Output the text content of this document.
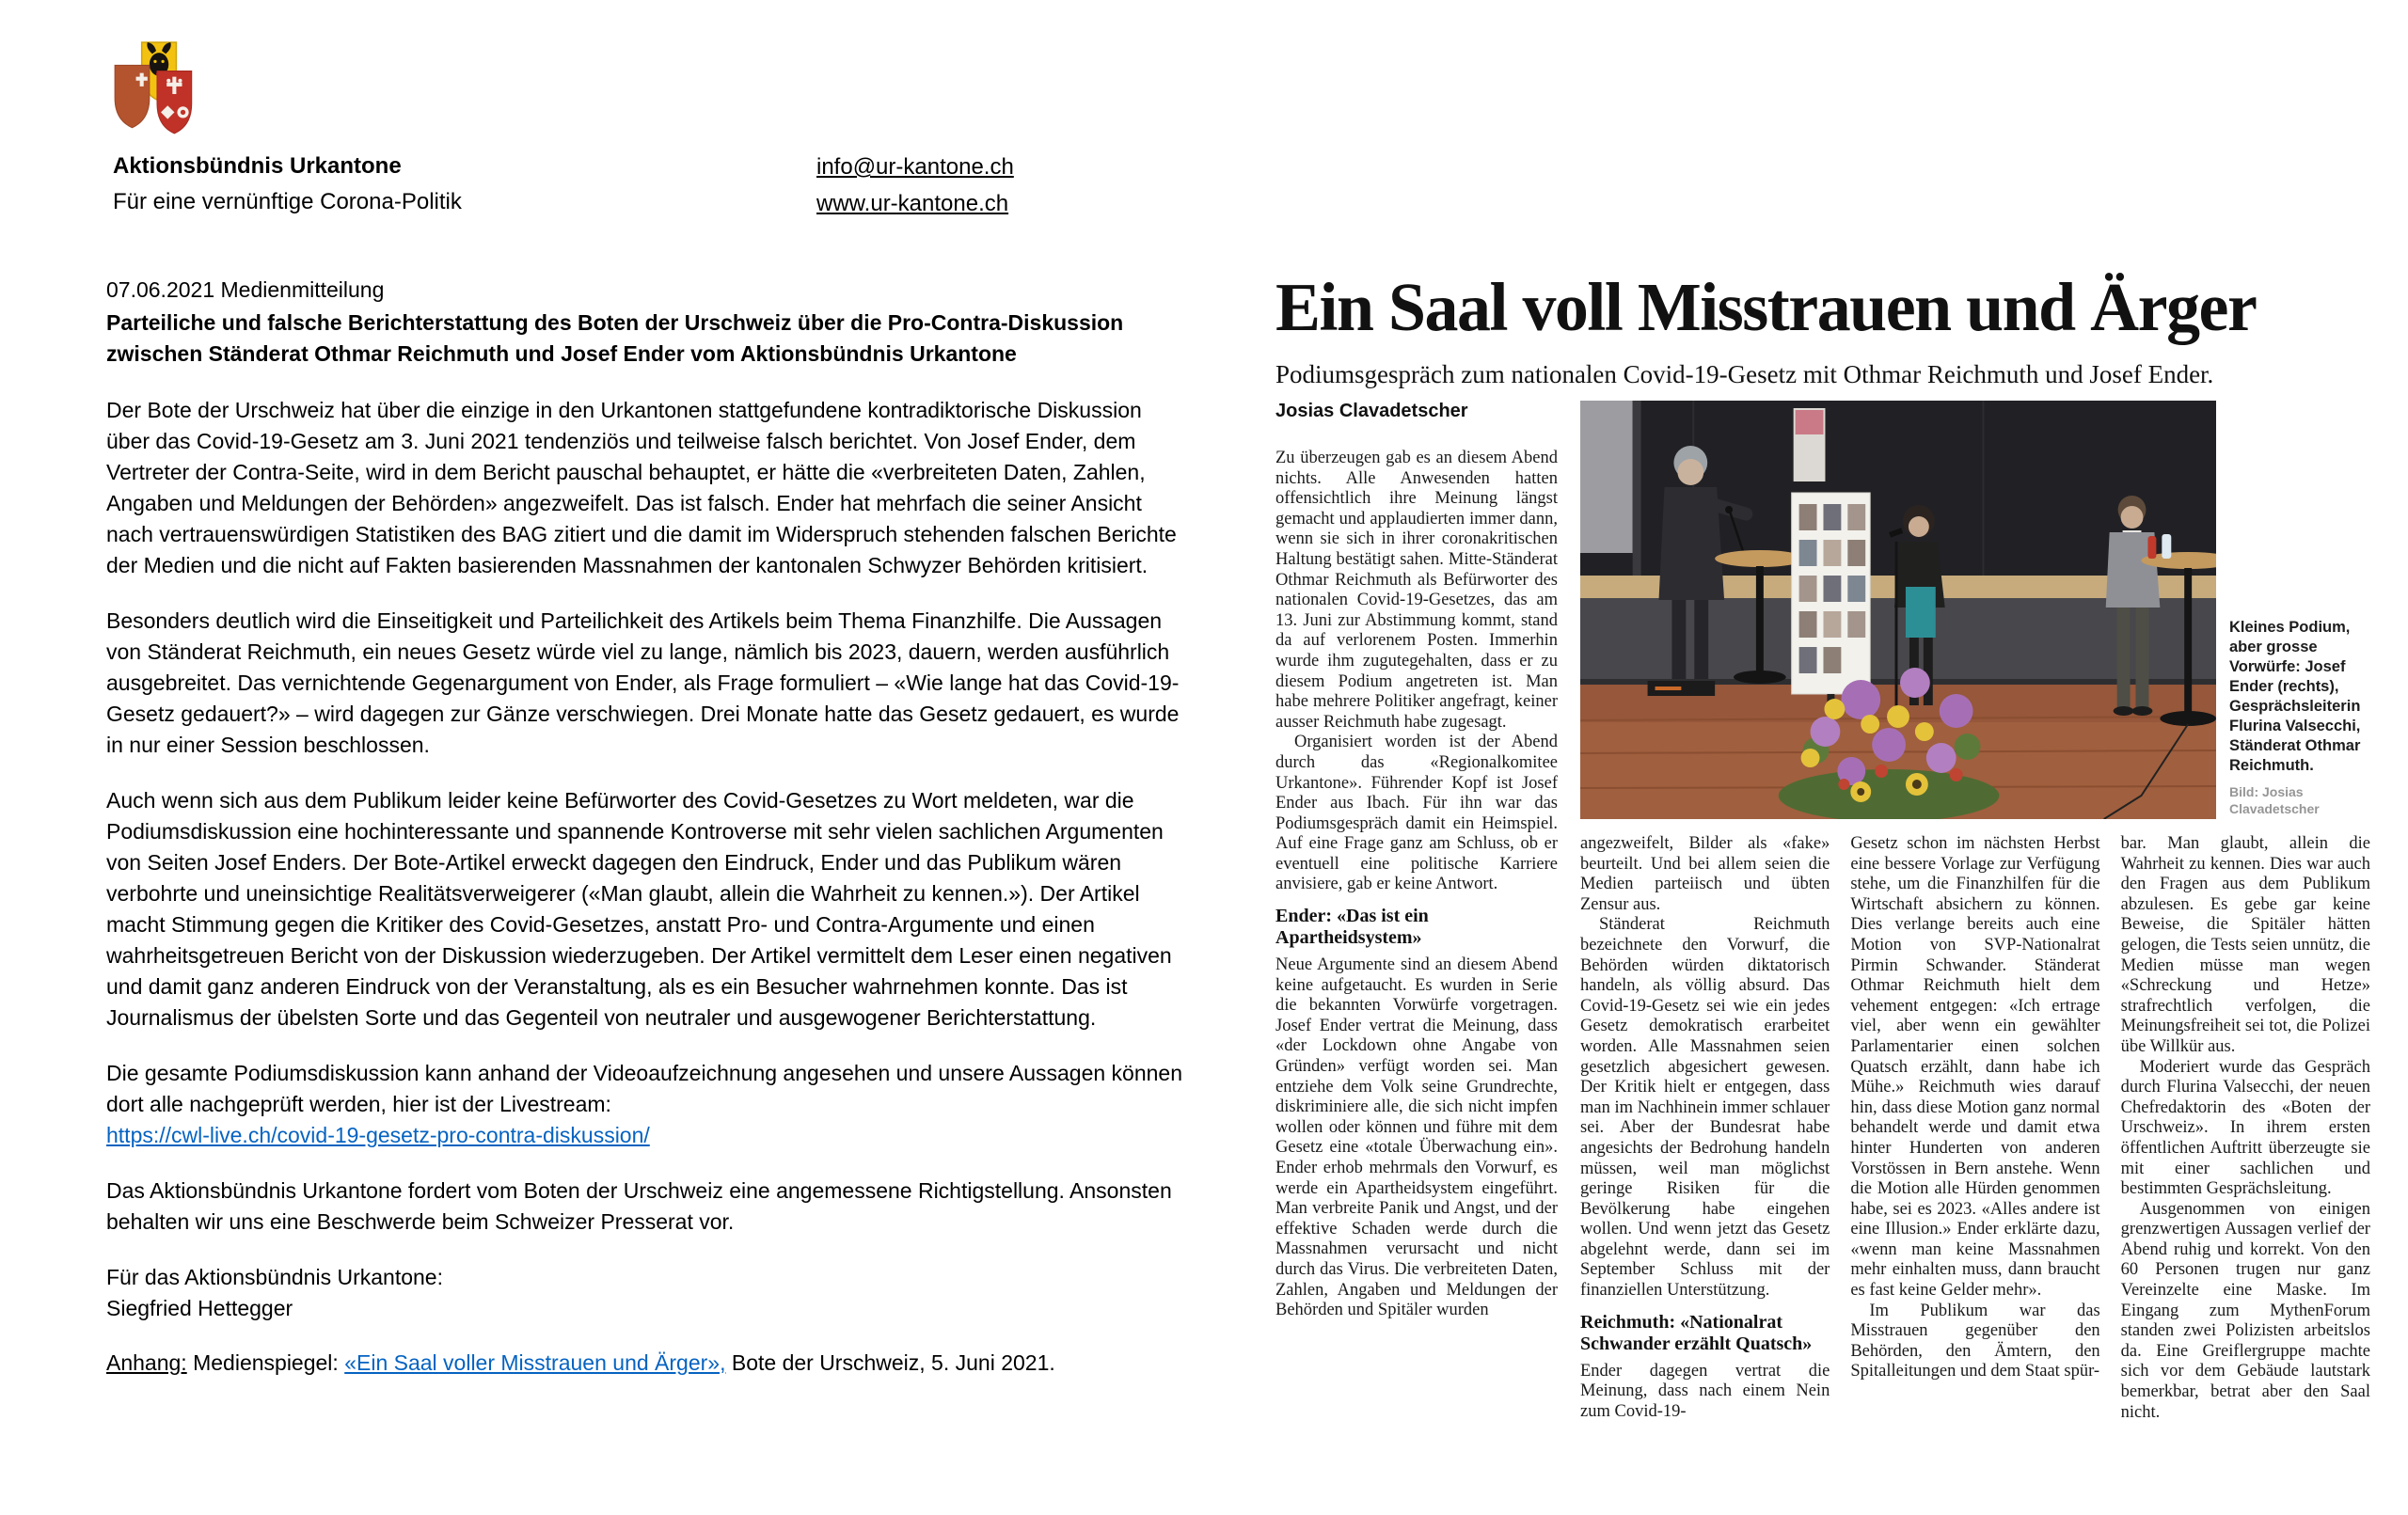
Aktionsbündnis Urkantone
Für eine vernünftige Corona-Politik
info@ur-kantone.ch
www.ur-kantone.ch

07.06.2021 Medienmitteilung

Parteiliche und falsche Berichterstattung des Boten der Urschweiz über die Pro-Contra-Diskussion zwischen Ständerat Othmar Reichmuth und Josef Ender vom Aktionsbündnis Urkantone

Der Bote der Urschweiz hat über die einzige in den Urkantonen stattgefundene kontradiktorische Diskussion über das Covid-19-Gesetz am 3. Juni 2021 tendenziös und teilweise falsch berichtet. Von Josef Ender, dem Vertreter der Contra-Seite, wird in dem Bericht pauschal behauptet, er hätte die «verbreiteten Daten, Zahlen, Angaben und Meldungen der Behörden» angezweifelt. Das ist falsch. Ender hat mehrfach die seiner Ansicht nach vertrauenswürdigen Statistiken des BAG zitiert und die damit im Widerspruch stehenden falschen Berichte der Medien und die nicht auf Fakten basierenden Massnahmen der kantonalen Schwyzer Behörden kritisiert.

Besonders deutlich wird die Einseitigkeit und Parteilichkeit des Artikels beim Thema Finanzhilfe. Die Aussagen von Ständerat Reichmuth, ein neues Gesetz würde viel zu lange, nämlich bis 2023, dauern, werden ausführlich ausgebreitet. Das vernichtende Gegenargument von Ender, als Frage formuliert – «Wie lange hat das Covid-19-Gesetz gedauert?» – wird dagegen zur Gänze verschwiegen. Drei Monate hatte das Gesetz gedauert, es wurde in nur einer Session beschlossen.

Auch wenn sich aus dem Publikum leider keine Befürworter des Covid-Gesetzes zu Wort meldeten, war die Podiumsdiskussion eine hochinteressante und spannende Kontroverse mit sehr vielen sachlichen Argumenten von Seiten Josef Enders. Der Bote-Artikel erweckt dagegen den Eindruck, Ender und das Publikum wären verbohrte und uneinsichtige Realitätsverweigerer («Man glaubt, allein die Wahrheit zu kennen.»). Der Artikel macht Stimmung gegen die Kritiker des Covid-Gesetzes, anstatt Pro- und Contra-Argumente und einen wahrheitsgetreuen Bericht von der Diskussion wiederzugeben. Der Artikel vermittelt dem Leser einen negativen und damit ganz anderen Eindruck von der Veranstaltung, als es ein Besucher wahrnehmen konnte. Das ist Journalismus der übelsten Sorte und das Gegenteil von neutraler und ausgewogener Berichterstattung.

Die gesamte Podiumsdiskussion kann anhand der Videoaufzeichnung angesehen und unsere Aussagen können dort alle nachgeprüft werden, hier ist der Livestream:

https://cwl-live.ch/covid-19-gesetz-pro-contra-diskussion/

Das Aktionsbündnis Urkantone fordert vom Boten der Urschweiz eine angemessene Richtigstellung. Ansonsten behalten wir uns eine Beschwerde beim Schweizer Presserat vor.

Für das Aktionsbündnis Urkantone:

Siegfried Hettegger

Anhang: Medienspiegel: «Ein Saal voller Misstrauen und Ärger», Bote der Urschweiz, 5. Juni 2021.

Ein Saal voll Misstrauen und Ärger
Podiumsgespräch zum nationalen Covid-19-Gesetz mit Othmar Reichmuth und Josef Ender.
Josias Clavadetscher

Zu überzeugen gab es an diesem Abend nichts. Alle Anwesenden hatten offensichtlich ihre Meinung längst gemacht und applaudierten immer dann, wenn sie sich in ihrer coronakritischen Haltung bestätigt sahen. Mitte-Ständerat Othmar Reichmuth als Befürworter des nationalen Covid-19-Gesetzes, das am 13. Juni zur Abstimmung kommt, stand da auf verlorenem Posten. Immerhin wurde ihm zugutegehalten, dass er zu diesem Podium angetreten ist. Man habe mehrere Politiker angefragt, keiner ausser Reichmuth habe zugesagt.

Organisiert worden ist der Abend durch das «Regionalkomitee Urkantone». Führender Kopf ist Josef Ender aus Ibach. Für ihn war das Podiumsgespräch damit ein Heimspiel. Auf eine Frage ganz am Schluss, ob er eventuell eine politische Karriere anvisiere, gab er keine Antwort.

Ender: «Das ist ein Apartheidsystem»

Neue Argumente sind an diesem Abend keine aufgetaucht. Es wurden in Serie die bekannten Vorwürfe vorgetragen. Josef Ender vertrat die Meinung, dass «der Lockdown ohne Angabe von Gründen» verfügt worden sei. Man entziehe dem Volk seine Grundrechte, diskriminiere alle, die sich nicht impfen wollen oder können und führe mit dem Gesetz eine «totale Überwachung ein». Ender erhob mehrmals den Vorwurf, es werde ein Apartheidsystem eingeführt. Man verbreite Panik und Angst, und der effektive Schaden werde durch die Massnahmen verursacht und nicht durch das Virus. Die verbreiteten Daten, Zahlen, Angaben und Meldungen der Behörden und Spitäler wurden

Kleines Podium, aber grosse Vorwürfe: Josef Ender (rechts), Gesprächsleiterin Flurina Valsecchi, Ständerat Othmar Reichmuth.
Bild: Josias Clavadetscher

angezweifelt, Bilder als «fake» beurteilt. Und bei allem seien die Medien parteiisch und übten Zensur aus.

Ständerat Reichmuth bezeichnete den Vorwurf, die Behörden würden diktatorisch handeln, als völlig absurd. Das Covid-19-Gesetz sei wie ein jedes Gesetz demokratisch erarbeitet worden. Alle Massnahmen seien gesetzlich abgesichert gewesen. Der Kritik hielt er entgegen, dass man im Nachhinein immer schlauer sei. Aber der Bundesrat habe angesichts der Bedrohung handeln müssen, weil man möglichst geringe Risiken für die Bevölkerung habe eingehen wollen. Und wenn jetzt das Gesetz abgelehnt werde, dann sei im September Schluss mit der finanziellen Unterstützung.

Reichmuth: «Nationalrat Schwander erzählt Quatsch»

Ender dagegen vertrat die Meinung, dass nach einem Nein zum Covid-19-

Gesetz schon im nächsten Herbst eine bessere Vorlage zur Verfügung stehe, um die Finanzhilfen für die Wirtschaft absichern zu können. Dies verlange bereits auch eine Motion von SVP-Nationalrat Pirmin Schwander. Ständerat Othmar Reichmuth hielt dem vehement entgegen: «Ich ertrage viel, aber wenn ein gewählter Parlamentarier einen solchen Quatsch erzählt, dann habe ich Mühe.» Reichmuth wies darauf hin, dass diese Motion ganz normal behandelt werde und damit etwa hinter Hunderten von anderen Vorstössen in Bern anstehe. Wenn die Motion alle Hürden genommen habe, sei es 2023. «Alles andere ist eine Illusion.» Ender erklärte dazu, «wenn man keine Massnahmen mehr einhalten muss, dann braucht es fast keine Gelder mehr».

Im Publikum war das Misstrauen gegenüber den Behörden, den Ämtern, den Spitalleitungen und dem Staat spür-

bar. Man glaubt, allein die Wahrheit zu kennen. Dies war auch den Fragen aus dem Publikum abzulesen. Es gebe gar keine Beweise, die Spitäler hätten gelogen, die Tests seien unnütz, die Medien müsse man wegen «Schreckung und Hetze» strafrechtlich verfolgen, die Meinungsfreiheit sei tot, die Polizei übe Willkür aus.

Moderiert wurde das Gespräch durch Flurina Valsecchi, der neuen Chefredaktorin des «Boten der Urschweiz». In ihrem ersten öffentlichen Auftritt überzeugte sie mit einer sachlichen und bestimmten Gesprächsleitung.

Ausgenommen von einigen grenzwertigen Aussagen verlief der Abend ruhig und korrekt. Von den 60 Personen trugen nur ganz Vereinzelte eine Maske. Im Eingang zum MythenForum standen zwei Polizisten arbeitslos da. Eine Greiflergruppe machte sich vor dem Gebäude lautstark bemerkbar, betrat aber den Saal nicht.
